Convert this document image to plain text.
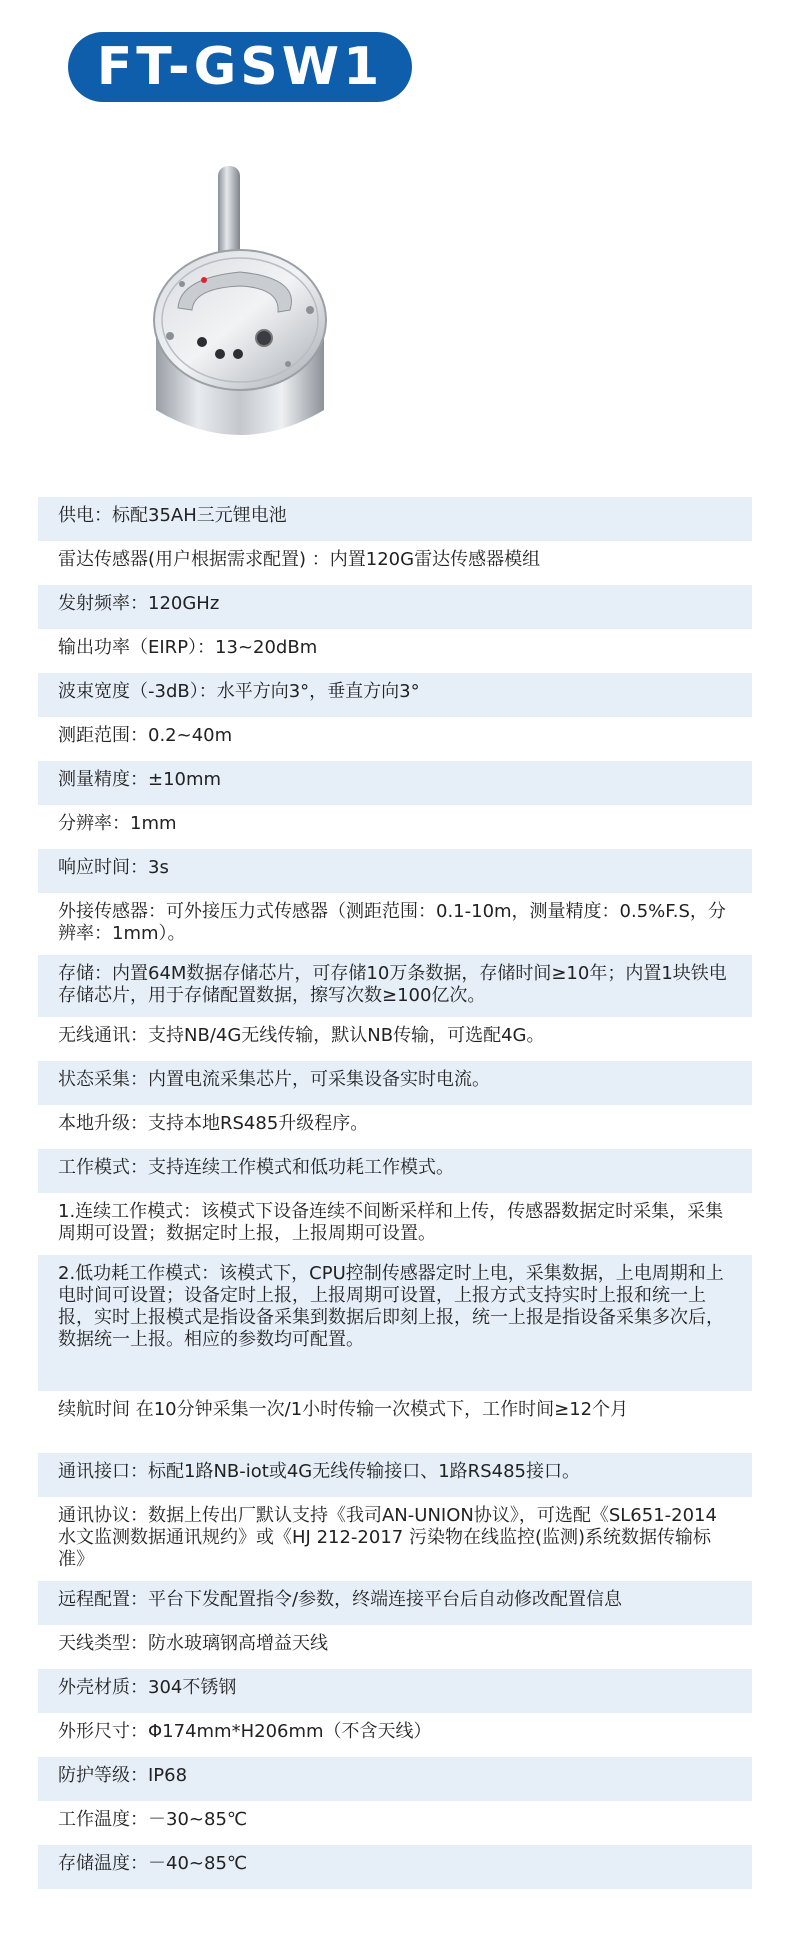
FT-GSW1
供电：标配35AH三元锂电池
雷达传感器(用户根据需求配置) ：内置120G雷达传感器模组
发射频率：120GHz
输出功率（EIRP）：13~20dBm
波束宽度（-3dB）：水平方向3°，垂直方向3°
测距范围：0.2~40m
测量精度：±10mm
分辨率：1mm
响应时间：3s
外接传感器：可外接压力式传感器（测距范围：0.1-10m，测量精度：0.5%F.S，分辨率：1mm）。
存储：内置64M数据存储芯片，可存储10万条数据，存储时间≥10年；内置1块铁电存储芯片，用于存储配置数据，擦写次数≥100亿次。
无线通讯：支持NB/4G无线传输，默认NB传输，可选配4G。
状态采集：内置电流采集芯片，可采集设备实时电流。
本地升级：支持本地RS485升级程序。
工作模式：支持连续工作模式和低功耗工作模式。
1.连续工作模式：该模式下设备连续不间断采样和上传，传感器数据定时采集，采集周期可设置；数据定时上报，上报周期可设置。
2.低功耗工作模式：该模式下，CPU控制传感器定时上电，采集数据，上电周期和上电时间可设置；设备定时上报，上报周期可设置，上报方式支持实时上报和统一上报，实时上报模式是指设备采集到数据后即刻上报，统一上报是指设备采集多次后，数据统一上报。相应的参数均可配置。
续航时间 在10分钟采集一次/1小时传输一次模式下，工作时间≥12个月
通讯接口：标配1路NB-iot或4G无线传输接口、1路RS485接口。
通讯协议：数据上传出厂默认支持《我司AN-UNION协议》，可选配《SL651-2014 水文监测数据通讯规约》或《HJ 212-2017 污染物在线监控(监测)系统数据传输标准》
远程配置：平台下发配置指令/参数，终端连接平台后自动修改配置信息
天线类型：防水玻璃钢高增益天线
外壳材质：304不锈钢
外形尺寸：Φ174mm*H206mm（不含天线）
防护等级：IP68
工作温度：－30~85℃
存储温度：－40~85℃
